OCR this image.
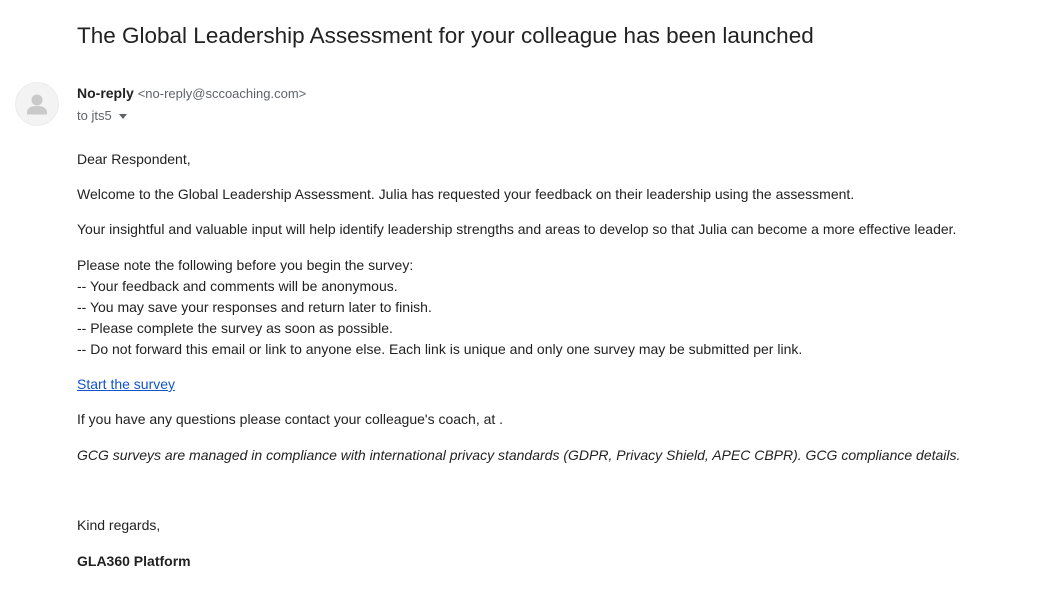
The Global Leadership Assessment for your colleague has been launched
No-reply <no-reply@sccoaching.com>
to jts5
Dear Respondent,
Welcome to the Global Leadership Assessment. Julia has requested your feedback on their leadership using the assessment.
Your insightful and valuable input will help identify leadership strengths and areas to develop so that Julia can become a more effective leader.
Please note the following before you begin the survey:
-- Your feedback and comments will be anonymous.
-- You may save your responses and return later to finish.
-- Please complete the survey as soon as possible.
-- Do not forward this email or link to anyone else. Each link is unique and only one survey may be submitted per link.
Start the survey
If you have any questions please contact your colleague's coach, at .
GCG surveys are managed in compliance with international privacy standards (GDPR, Privacy Shield, APEC CBPR). GCG compliance details.
Kind regards,
GLA360 Platform
